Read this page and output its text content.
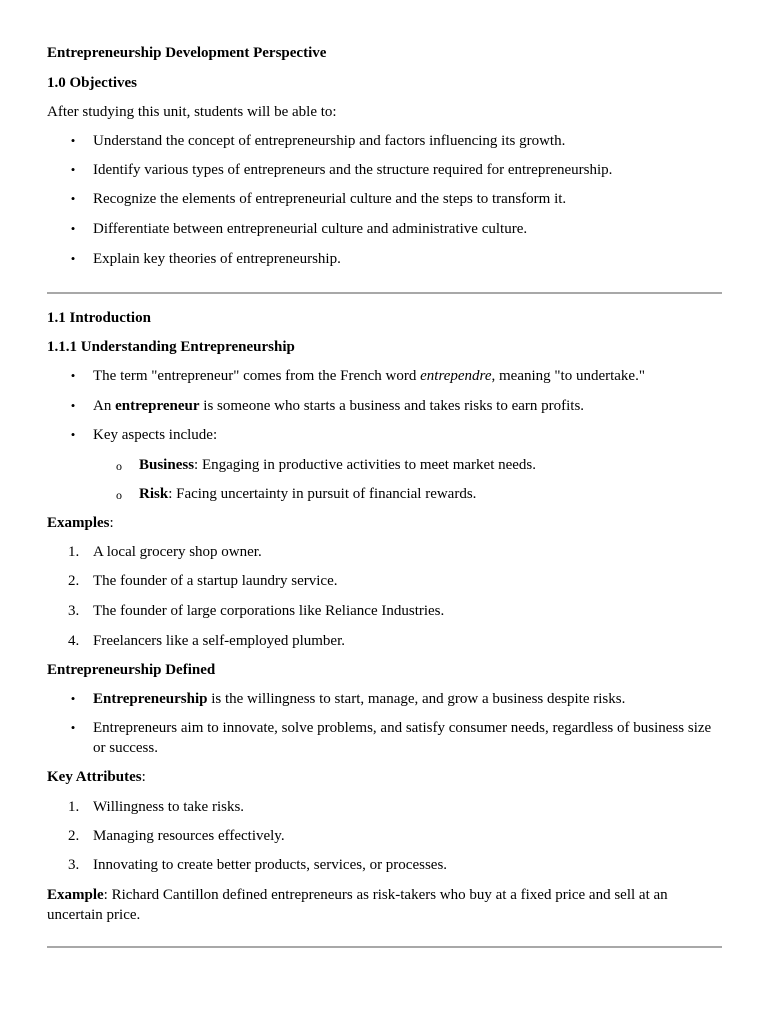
Entrepreneurship Development Perspective
1.0 Objectives
After studying this unit, students will be able to:
• Understand the concept of entrepreneurship and factors influencing its growth.
• Identify various types of entrepreneurs and the structure required for entrepreneurship.
• Recognize the elements of entrepreneurial culture and the steps to transform it.
• Differentiate between entrepreneurial culture and administrative culture.
• Explain key theories of entrepreneurship.
1.1 Introduction
1.1.1 Understanding Entrepreneurship
• The term "entrepreneur" comes from the French word entrependre, meaning "to undertake."
• An entrepreneur is someone who starts a business and takes risks to earn profits.
• Key aspects include:
o Business: Engaging in productive activities to meet market needs.
o Risk: Facing uncertainty in pursuit of financial rewards.
Examples:
1. A local grocery shop owner.
2. The founder of a startup laundry service.
3. The founder of large corporations like Reliance Industries.
4. Freelancers like a self-employed plumber.
Entrepreneurship Defined
• Entrepreneurship is the willingness to start, manage, and grow a business despite risks.
• Entrepreneurs aim to innovate, solve problems, and satisfy consumer needs, regardless of business size or success.
Key Attributes:
1. Willingness to take risks.
2. Managing resources effectively.
3. Innovating to create better products, services, or processes.
Example: Richard Cantillon defined entrepreneurs as risk-takers who buy at a fixed price and sell at an uncertain price.
